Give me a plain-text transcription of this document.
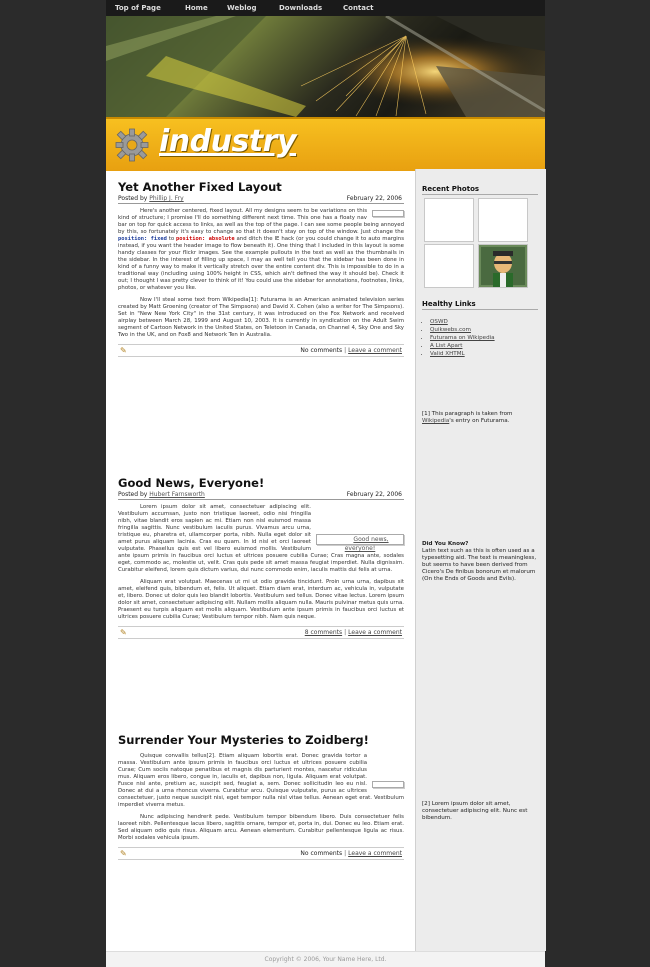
Top of Page	Home	Weblog	Downloads	Contact
industry
Yet Another Fixed Layout
Posted by Phillip J. Fry	February 22, 2006

Here's another centered, fixed layout. All my designs seem to be variations on this kind of structure; I promise I'll do something different next time. This one has a floaty nav bar on top for quick access to links, as well as the top of the page. I can see some people being annoyed by this, so fortunately it's easy to change so that it doesn't stay on top of the window. Just change the position: fixed to position: absolute and ditch the IE hack (or you could change it to auto margins instead, if you want the header image to flow beneath it). One thing that I included in this layout is some handy classes for your flickr images. See the example pullouts in the text as well as the thumbnails in the sidebar. In the interest of filling up space, I may as well tell you that the sidebar has been done in kind of a funny way to make it vertically stretch over the entire content div. This is impossible to do in a traditional way (including using 100% height in CSS, which ain't defined the way it should be). Check it out; I thought I was pretty clever to think of it! You could use the sidebar for annotations, footnotes, links, photos, or whatever you like.

Now I'll steal some text from Wikipedia[1]: Futurama is an American animated television series created by Matt Groening (creator of The Simpsons) and David X. Cohen (also a writer for The Simpsons). Set in "New New York City" in the 31st century, it was introduced on the Fox Network and received airplay between March 28, 1999 and August 10, 2003. It is currently in syndication on the Adult Swim segment of Cartoon Network in the United States, on Teletoon in Canada, on Channel 4, Sky One and Sky Two in the UK, and on Fox8 and Network Ten in Australia.

✎	No comments | Leave a comment
Good News, Everyone!
Posted by Hubert Farnsworth	February 22, 2006

Good news, everyone!
Lorem ipsum dolor sit amet, consectetuer adipiscing elit. Vestibulum accumsan, justo non tristique laoreet, odio nisi fringilla nibh, vitae blandit eros sapien ac mi. Etiam non nisl euismod massa fringilla sagittis. Nunc vestibulum iaculis purus. Vivamus arcu urna, tristique eu, pharetra et, ullamcorper porta, nibh. Nulla eget dolor sit amet purus aliquam lacinia. Cras eu quam. In id nisl et orci laoreet vulputate. Phasellus quis est vel libero euismod mollis. Vestibulum ante ipsum primis in faucibus orci luctus et ultrices posuere cubilia Curae; Cras magna ante, sodales eget, commodo ac, molestie ut, velit. Cras quis pede sit amet massa feugiat imperdiet. Nulla dignissim. Curabitur eleifend, lorem quis dictum varius, dui nunc commodo enim, iaculis mattis dui felis at urna.

Aliquam erat volutpat. Maecenas ut mi ut odio gravida tincidunt. Proin urna urna, dapibus sit amet, eleifend quis, bibendum et, felis. Ut aliquet. Etiam diam erat, interdum ac, vehicula in, vulputate et, libero. Donec ut dolor quis leo blandit lobortis. Vestibulum sed tellus. Donec vitae lectus. Lorem ipsum dolor sit amet, consectetuer adipiscing elit. Nullam mollis aliquam nulla. Mauris pulvinar metus quis urna. Praesent eu turpis aliquam est mollis aliquam. Vestibulum ante ipsum primis in faucibus orci luctus et ultrices posuere cubilia Curae; Vestibulum tempor nibh. Nam quis neque.

✎	8 comments | Leave a comment
Surrender Your Mysteries to Zoidberg!

Quisque convallis tellus[2]. Etiam aliquam lobortis erat. Donec gravida tortor a massa. Vestibulum ante ipsum primis in faucibus orci luctus et ultrices posuere cubilia Curae; Cum sociis natoque penatibus et magnis dis parturient montes, nascetur ridiculus mus. Aliquam eros libero, congue in, iaculis et, dapibus non, ligula. Aliquam erat volutpat. Fusce nisl ante, pretium ac, suscipit sed, feugiat a, sem. Donec sollicitudin leo eu nisl. Donec at dui a urna rhoncus viverra. Curabitur arcu. Quisque vulputate, purus ac ultrices consectetuer, justo neque suscipit nisi, eget tempor nulla nisl vitae tellus. Aenean eget erat. Vestibulum imperdiet viverra metus.

Nunc adipiscing hendrerit pede. Vestibulum tempor bibendum libero. Duis consectetuer felis laoreet nibh. Pellentesque lacus libero, sagittis ornare, tempor et, porta in, dui. Donec eu leo. Etiam erat. Sed aliquam odio quis risus. Aliquam arcu. Aenean elementum. Curabitur pellentesque ligula ac risus. Morbi sodales vehicula ipsum.

✎	No comments | Leave a comment
Recent Photos
Healthy Links
▪ OSWD
▪ Quikwebs.com
▪ Futurama on Wikipedia
▪ A List Apart
▪ Valid XHTML
[1] This paragraph is taken from Wikipedia's entry on Futurama.
Did You Know?
Latin text such as this is often used as a typesetting aid. The text is meaningless, but seems to have been derived from Cicero's De finibus bonorum et malorum (On the Ends of Goods and Evils).
[2] Lorem ipsum dolor sit amet, consectetuer adipiscing elit. Nunc est bibendum.
Copyright © 2006, Your Name Here, Ltd.
